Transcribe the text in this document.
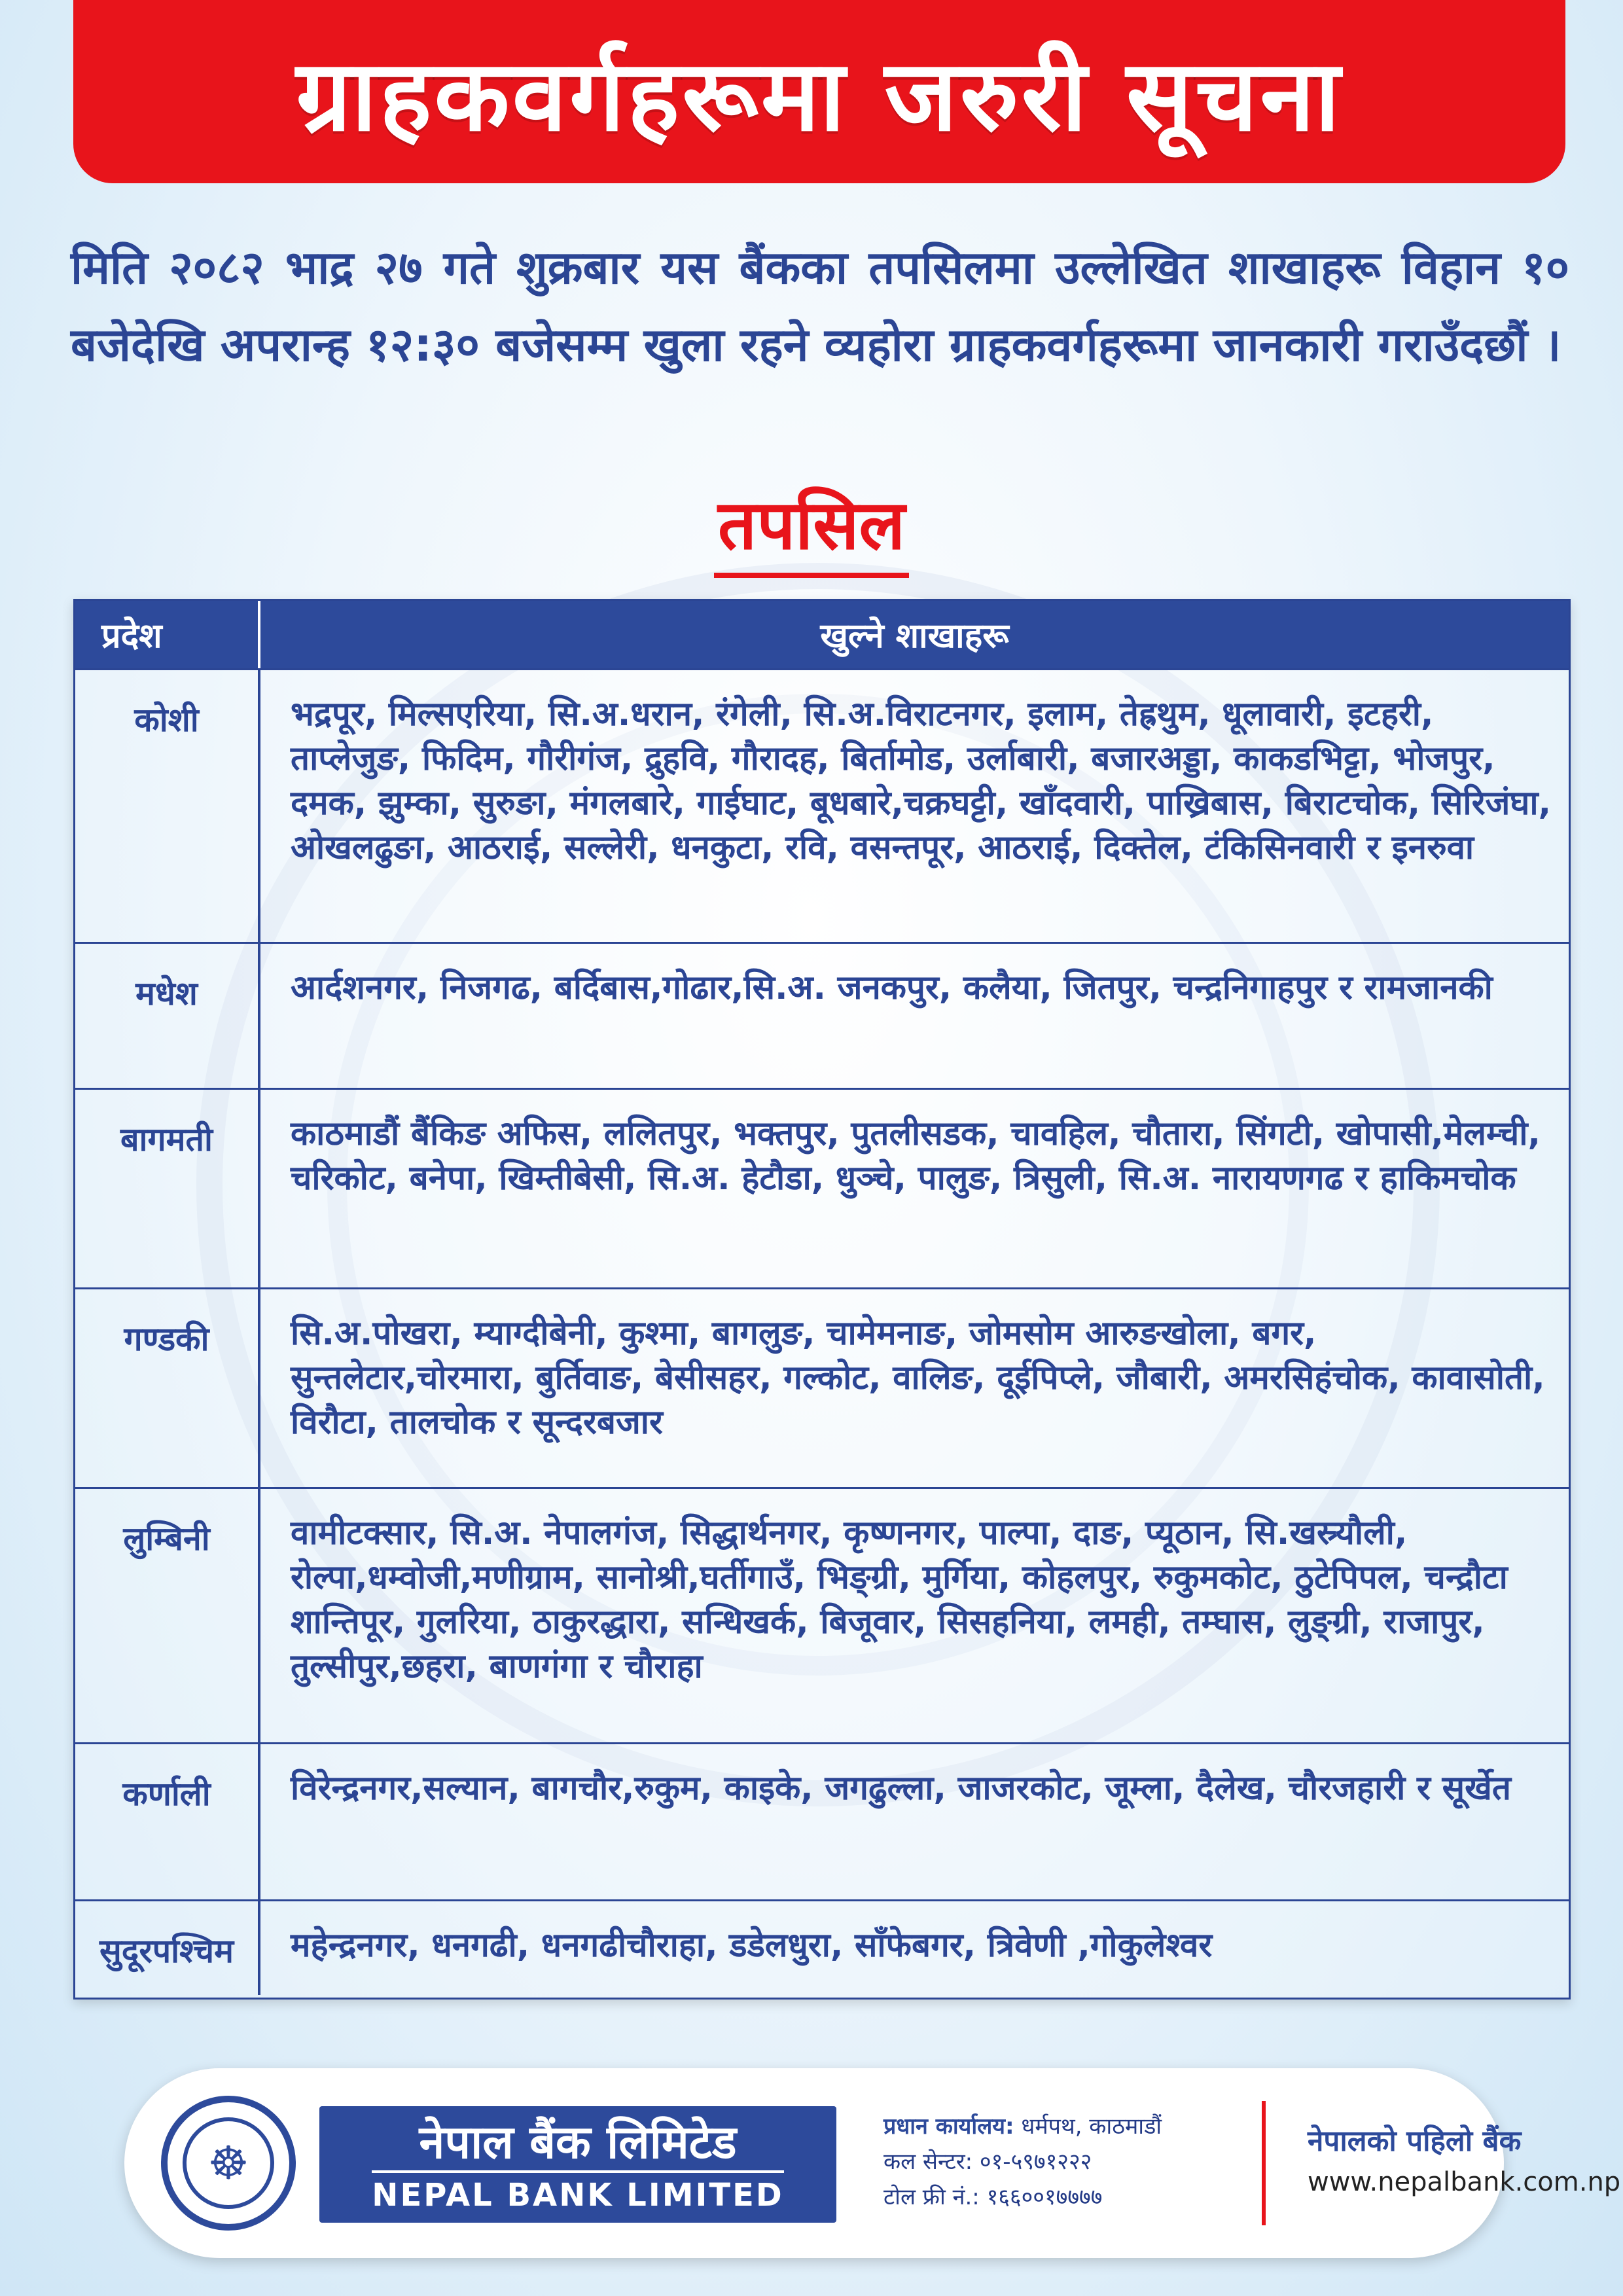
ग्राहकवर्गहरूमा जरुरी सूचना
मिति २०८२ भाद्र २७ गते शुक्रबार यस बैंकका तपसिलमा उल्लेखित शाखाहरू विहान १० बजेदेखि अपरान्ह १२:३० बजेसम्म खुला रहने व्यहोरा ग्राहकवर्गहरूमा जानकारी गराउँदछौं ।
तपसिल
प्रदेश	खुल्ने शाखाहरू
कोशी	भद्रपूर, मिल्सएरिया, सि.अ.धरान, रंगेली, सि.अ.विराटनगर, इलाम, तेह्रथुम, धूलावारी, इटहरी, ताप्लेजुङ, फिदिम, गौरीगंज, द्रुहवि, गौरादह, बिर्तामोड, उर्लाबारी, बजारअड्डा, काकडभिट्टा, भोजपुर, दमक, झुम्का, सुरुङा, मंगलबारे, गाईघाट, बूधबारे,चक्रघट्टी, खाँदवारी, पाख्रिबास, बिराटचोक, सिरिजंघा, ओखलढुङा, आठराई, सल्लेरी, धनकुटा, रवि, वसन्तपूर, आठराई, दिक्तेल, टंकिसिनवारी र इनरुवा
मधेश	आर्दशनगर, निजगढ, बर्दिबास,गोढार,सि.अ. जनकपुर, कलैया, जितपुर, चन्द्रनिगाहपुर र रामजानकी
बागमती	काठमाडौं बैंकिङ अफिस, ललितपुर, भक्तपुर, पुतलीसडक, चावहिल, चौतारा, सिंगटी, खोपासी,मेलम्ची, चरिकोट, बनेपा, खिम्तीबेसी, सि.अ. हेटौडा, धुञ्चे, पालुङ, त्रिसुली, सि.अ. नारायणगढ र हाकिमचोक
गण्डकी	सि.अ.पोखरा, म्याग्दीबेनी, कुश्मा, बागलुङ, चामेमनाङ, जोमसोम आरुङखोला, बगर, सुन्तलेटार,चोरमारा, बुर्तिवाङ, बेसीसहर, गल्कोट, वालिङ, दूईपिप्ले, जौबारी, अमरसिहंचोक, कावासोती, विरौटा, तालचोक र सून्दरबजार
लुम्बिनी	वामीटक्सार, सि.अ. नेपालगंज, सिद्धार्थनगर, कृष्णनगर, पाल्पा, दाङ, प्यूठान, सि.खस्र्यौली, रोल्पा,धम्वोजी,मणीग्राम, सानोश्री,घर्तीगाउँ, भिङ्ग्री, मुर्गिया, कोहलपुर, रुकुमकोट, ठुटेपिपल, चन्द्रौटा शान्तिपूर, गुलरिया, ठाकुरद्धारा, सन्धिखर्क, बिजूवार, सिसहनिया, लमही, तम्घास, लुङ्ग्री, राजापुर, तुल्सीपुर,छहरा, बाणगंगा र चौराहा
कर्णाली	विरेन्द्रनगर,सल्यान, बागचौर,रुकुम, काइके, जगढुल्ला, जाजरकोट, जूम्ला, दैलेख, चौरजहारी र सूर्खेत
सुदूरपश्चिम	महेन्द्रनगर, धनगढी, धनगढीचौराहा, डडेलधुरा, साँफेबगर, त्रिवेणी ,गोकुलेश्वर
☸	नेपाल बैंक लिमिटेड
NEPAL BANK LIMITED
प्रधान कार्यालय: धर्मपथ, काठमाडौं
कल सेन्टर: ०१-५९७१२२२
टोल फ्री नं.: १६६००१७७७७
नेपालको पहिलो बैंक
www.nepalbank.com.np
